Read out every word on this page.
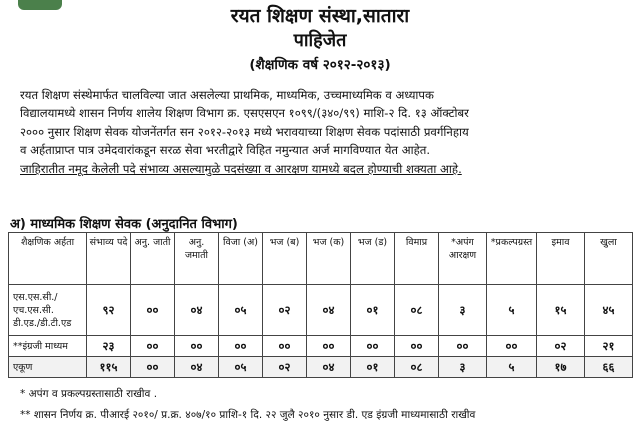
रयत शिक्षण संस्था,सातारा
पाहिजेत
(शैक्षणिक वर्ष २०१२-२०१३)
रयत शिक्षण संस्थेमार्फत चालविल्या जात असलेल्या प्राथमिक, माध्यमिक, उच्चमाध्यमिक व अध्यापक
विद्यालयामध्ये शासन निर्णय शालेय शिक्षण विभाग क्र. एसएसएन १०९९/(३४०/९९) माशि-२ दि. १३ ऑक्टोबर
२००० नुसार शिक्षण सेवक योजनेंतर्गत सन २०१२-२०१३ मध्ये भरावयाच्या शिक्षण सेवक पदांसाठी प्रवर्गनिहाय
व अर्हताप्राप्त पात्र उमेदवारांकडून सरळ सेवा भरतीद्वारे विहित नमुन्यात अर्ज मागविण्यात येत आहेत.
जाहिरातीत नमूद केलेली पदे संभाव्य असल्यामुळे पदसंख्या व आरक्षण यामध्ये बदल होण्याची शक्यता आहे.
अ) माध्यमिक शिक्षण सेवक (अनुदानित विभाग)
शैक्षणिक अर्हता	संभाव्य पदे	अनु. जाती	अनु. जमाती	विजा (अ)	भज (ब)	भज (क)	भज (ड)	विमाप्र	*अपंग आरक्षण	*प्रकल्पग्रस्त	इमाव	खुला

एस.एस.सी./
एच.एस.सी.
डी.एड./डी.टी.एड	९२	००	०४	०५	०२	०४	०१	०८	३	५	१५	४५

**इंग्रजी माध्यम	२३	००	००	००	००	००	००	००	००	००	०२	२१

एकूण	११५	००	०४	०५	०२	०४	०१	०८	३	५	१७	६६
* अपंग व प्रकल्पग्रस्तासाठी राखीव .
** शासन निर्णय क्र. पीआरई २०१०/ प्र.क्र. ४०७/१० प्राशि-१ दि. २२ जुलै २०१० नुसार डी. एड इंग्रजी माध्यमासाठी राखीव
